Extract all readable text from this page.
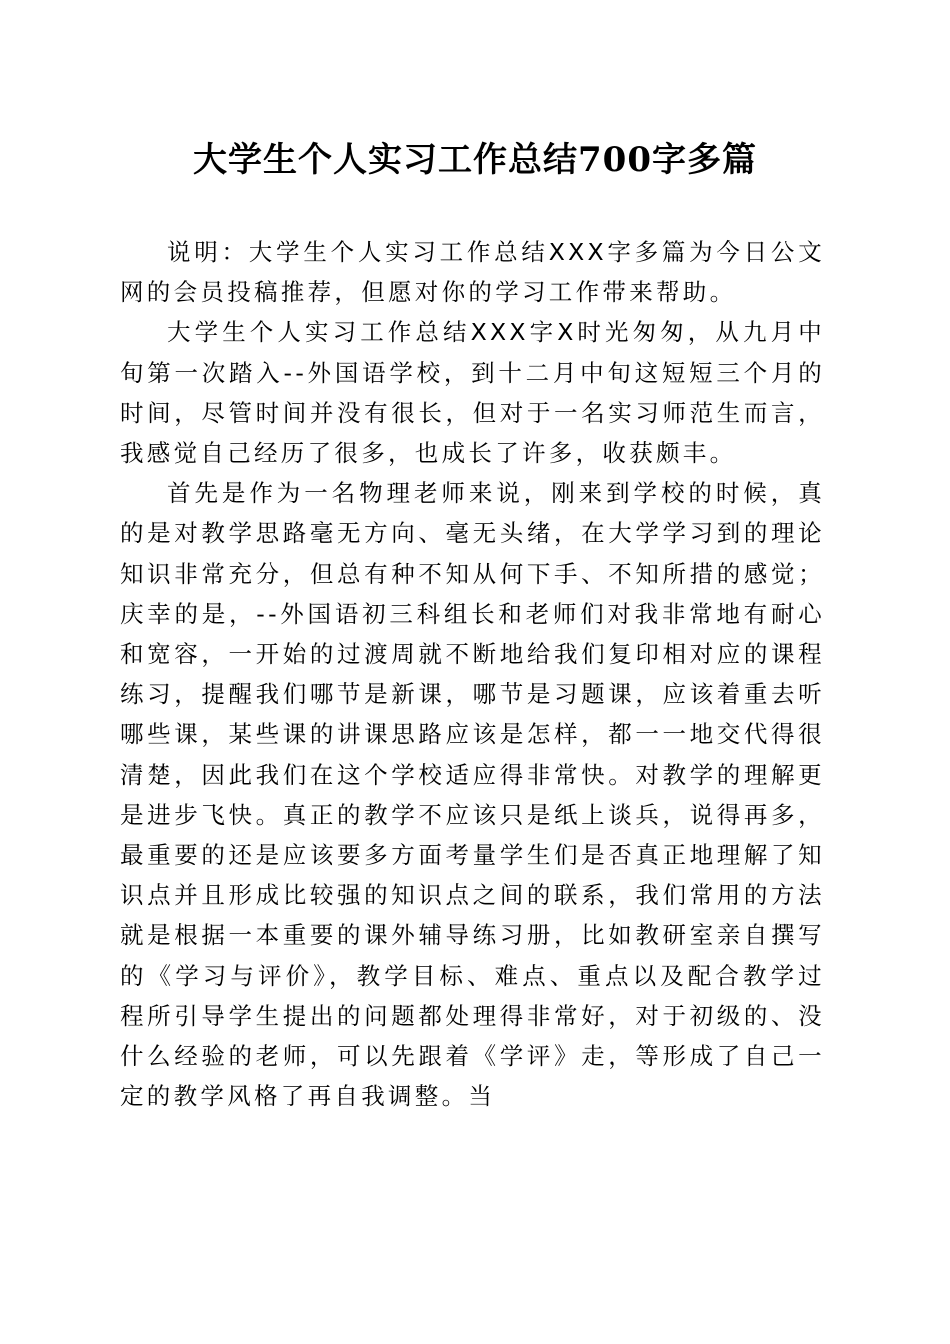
大学生个人实习工作总结700字多篇

说明：大学生个人实习工作总结XXX字多篇为今日公文网的会员投稿推荐，但愿对你的学习工作带来帮助。

大学生个人实习工作总结XXX字X时光匆匆，从九月中旬第一次踏入--外国语学校，到十二月中旬这短短三个月的时间，尽管时间并没有很长，但对于一名实习师范生而言，我感觉自己经历了很多，也成长了许多，收获颇丰。

首先是作为一名物理老师来说，刚来到学校的时候，真的是对教学思路毫无方向、毫无头绪，在大学学习到的理论知识非常充分，但总有种不知从何下手、不知所措的感觉；庆幸的是，--外国语初三科组长和老师们对我非常地有耐心和宽容，一开始的过渡周就不断地给我们复印相对应的课程练习，提醒我们哪节是新课，哪节是习题课，应该着重去听哪些课，某些课的讲课思路应该是怎样，都一一地交代得很清楚，因此我们在这个学校适应得非常快。对教学的理解更是进步飞快。真正的教学不应该只是纸上谈兵，说得再多，最重要的还是应该要多方面考量学生们是否真正地理解了知识点并且形成比较强的知识点之间的联系，我们常用的方法就是根据一本重要的课外辅导练习册，比如教研室亲自撰写的《学习与评价》，教学目标、难点、重点以及配合教学过程所引导学生提出的问题都处理得非常好，对于初级的、没什么经验的老师，可以先跟着《学评》走，等形成了自己一定的教学风格了再自我调整。当
